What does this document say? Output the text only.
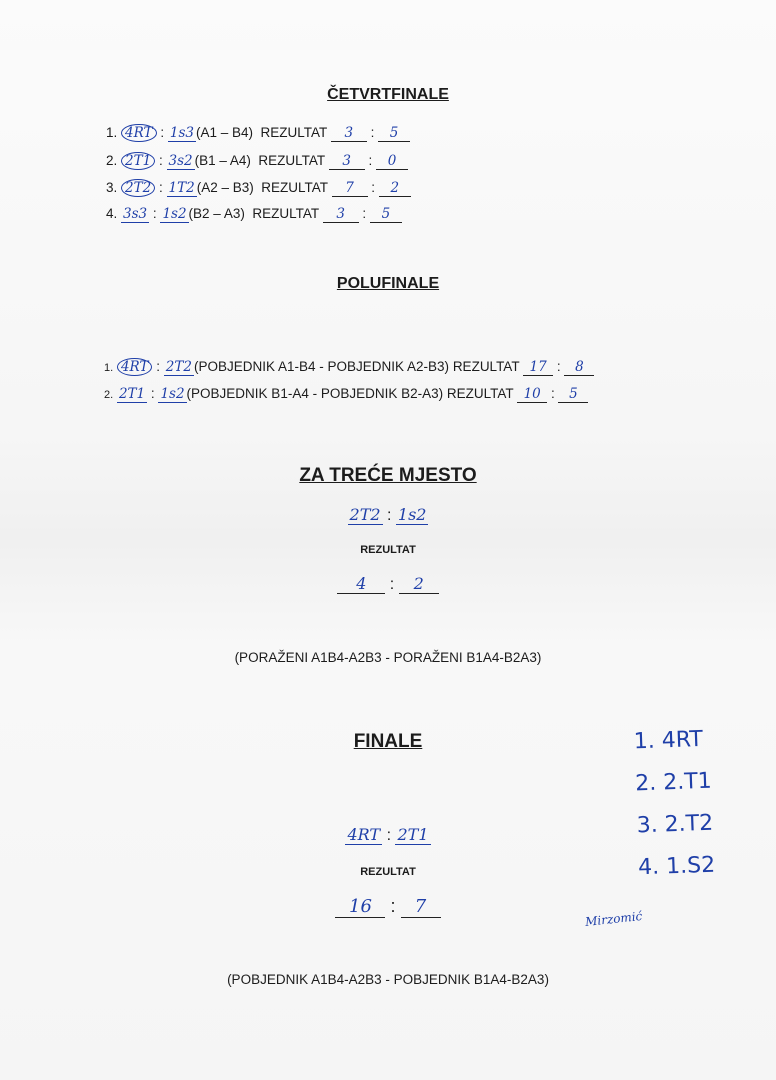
ČETVRTFINALE
1. 4RT : 1s3 (A1 – B4) REZULTAT 3 : 5
2. 2T1 : 3s2 (B1 – A4) REZULTAT 3 : 0
3. 2T2 : 1T2 (A2 – B3) REZULTAT 7 : 2
4. 3s3 : 1s2 (B2 – A3) REZULTAT 3 : 5
POLUFINALE
1. 4RT : 2T2 (POBJEDNIK A1-B4 - POBJEDNIK A2-B3) REZULTAT 17 : 8
2. 2T1 : 1s2 (POBJEDNIK B1-A4 - POBJEDNIK B2-A3) REZULTAT 10 : 5
ZA TREĆE MJESTO
2T2 : 1s2
REZULTAT
4 : 2
(PORAŽENI A1B4-A2B3 - PORAŽENI B1A4-B2A3)
FINALE
4RT : 2T1
REZULTAT
16 : 7
(POBJEDNIK A1B4-A2B3 - POBJEDNIK B1A4-B2A3)
1. 4RT
2. 2.T1
3. 2.T2
4. 1.S2
Mirzomić
